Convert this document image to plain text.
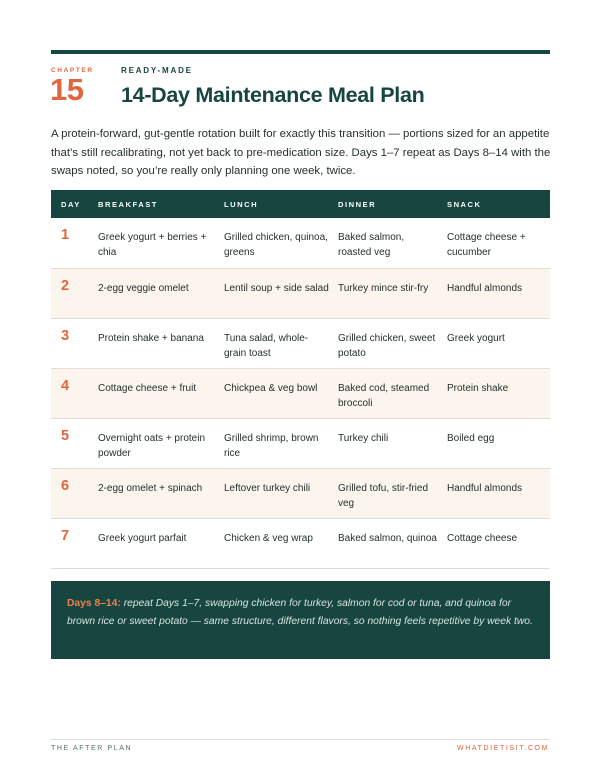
CHAPTER
15
READY-MADE
14-Day Maintenance Meal Plan

A protein-forward, gut-gentle rotation built for exactly this transition — portions sized for an appetite that’s still recalibrating, not yet back to pre-medication size. Days 1–7 repeat as Days 8–14 with the swaps noted, so you’re really only planning one week, twice.

DAY	BREAKFAST	LUNCH	DINNER	SNACK
1	Greek yogurt + berries + chia	Grilled chicken, quinoa, greens	Baked salmon, roasted veg	Cottage cheese + cucumber
2	2-egg veggie omelet	Lentil soup + side salad	Turkey mince stir-fry	Handful almonds
3	Protein shake + banana	Tuna salad, whole-grain toast	Grilled chicken, sweet potato	Greek yogurt
4	Cottage cheese + fruit	Chickpea & veg bowl	Baked cod, steamed broccoli	Protein shake
5	Overnight oats + protein powder	Grilled shrimp, brown rice	Turkey chili	Boiled egg
6	2-egg omelet + spinach	Leftover turkey chili	Grilled tofu, stir-fried veg	Handful almonds
7	Greek yogurt parfait	Chicken & veg wrap	Baked salmon, quinoa	Cottage cheese

Days 8–14: repeat Days 1–7, swapping chicken for turkey, salmon for cod or tuna, and quinoa for brown rice or sweet potato — same structure, different flavors, so nothing feels repetitive by week two.

THE AFTER PLAN	WHATDIETISIT.COM
